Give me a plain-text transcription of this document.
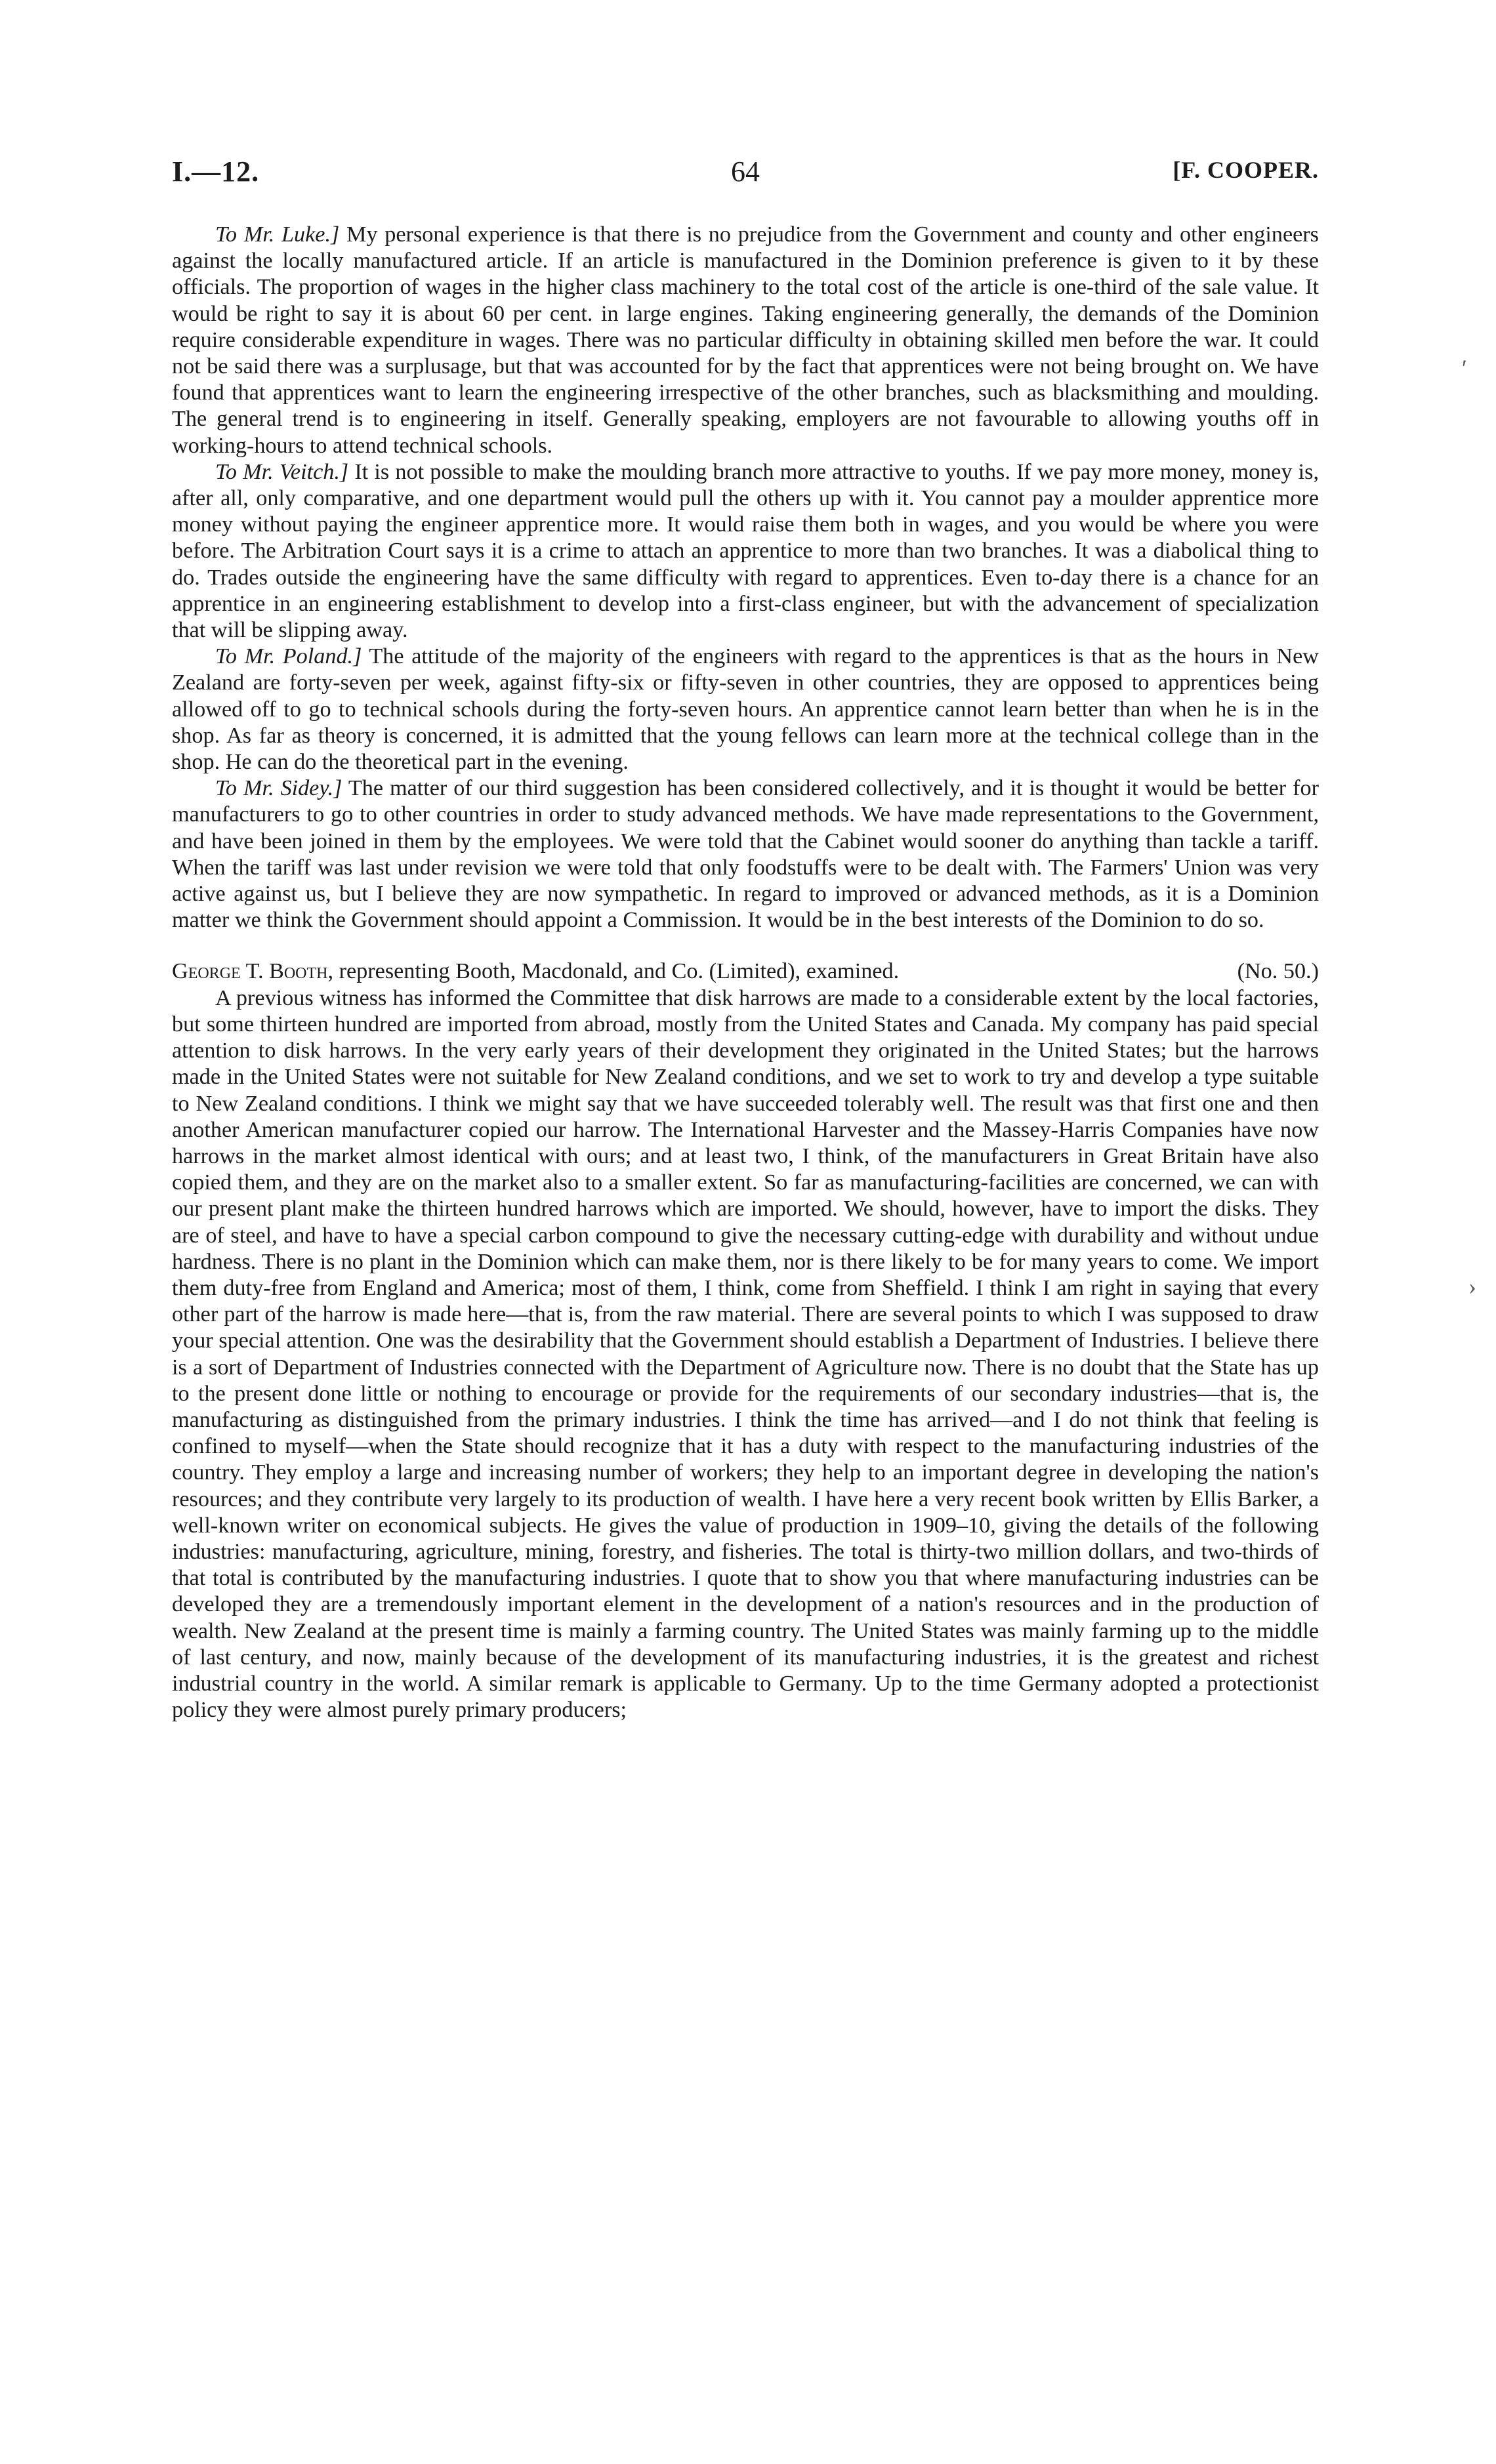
I.—12.	64	[F. COOPER.

To Mr. Luke.] My personal experience is that there is no prejudice from the Government and county and other engineers against the locally manufactured article. If an article is manufactured in the Dominion preference is given to it by these officials. The proportion of wages in the higher class machinery to the total cost of the article is one-third of the sale value. It would be right to say it is about 60 per cent. in large engines. Taking engineering generally, the demands of the Dominion require considerable expenditure in wages. There was no particular difficulty in obtaining skilled men before the war. It could not be said there was a surplusage, but that was accounted for by the fact that apprentices were not being brought on. We have found that apprentices want to learn the engineering irrespective of the other branches, such as blacksmithing and moulding. The general trend is to engineering in itself. Generally speaking, employers are not favourable to allowing youths off in working-hours to attend technical schools.

To Mr. Veitch.] It is not possible to make the moulding branch more attractive to youths. If we pay more money, money is, after all, only comparative, and one department would pull the others up with it. You cannot pay a moulder apprentice more money without paying the engineer apprentice more. It would raise them both in wages, and you would be where you were before. The Arbitration Court says it is a crime to attach an apprentice to more than two branches. It was a diabolical thing to do. Trades outside the engineering have the same difficulty with regard to apprentices. Even to-day there is a chance for an apprentice in an engineering establishment to develop into a first-class engineer, but with the advancement of specialization that will be slipping away.

To Mr. Poland.] The attitude of the majority of the engineers with regard to the apprentices is that as the hours in New Zealand are forty-seven per week, against fifty-six or fifty-seven in other countries, they are opposed to apprentices being allowed off to go to technical schools during the forty-seven hours. An apprentice cannot learn better than when he is in the shop. As far as theory is concerned, it is admitted that the young fellows can learn more at the technical college than in the shop. He can do the theoretical part in the evening.

To Mr. Sidey.] The matter of our third suggestion has been considered collectively, and it is thought it would be better for manufacturers to go to other countries in order to study advanced methods. We have made representations to the Government, and have been joined in them by the employees. We were told that the Cabinet would sooner do anything than tackle a tariff. When the tariff was last under revision we were told that only foodstuffs were to be dealt with. The Farmers' Union was very active against us, but I believe they are now sympathetic. In regard to improved or advanced methods, as it is a Dominion matter we think the Government should appoint a Commission. It would be in the best interests of the Dominion to do so.

George T. Booth, representing Booth, Macdonald, and Co. (Limited), examined.	(No. 50.)

A previous witness has informed the Committee that disk harrows are made to a considerable extent by the local factories, but some thirteen hundred are imported from abroad, mostly from the United States and Canada. My company has paid special attention to disk harrows. In the very early years of their development they originated in the United States; but the harrows made in the United States were not suitable for New Zealand conditions, and we set to work to try and develop a type suitable to New Zealand conditions. I think we might say that we have succeeded tolerably well. The result was that first one and then another American manufacturer copied our harrow. The International Harvester and the Massey-Harris Companies have now harrows in the market almost identical with ours; and at least two, I think, of the manufacturers in Great Britain have also copied them, and they are on the market also to a smaller extent. So far as manufacturing-facilities are concerned, we can with our present plant make the thirteen hundred harrows which are imported. We should, however, have to import the disks. They are of steel, and have to have a special carbon compound to give the necessary cutting-edge with durability and without undue hardness. There is no plant in the Dominion which can make them, nor is there likely to be for many years to come. We import them duty-free from England and America; most of them, I think, come from Sheffield. I think I am right in saying that every other part of the harrow is made here—that is, from the raw material. There are several points to which I was supposed to draw your special attention. One was the desirability that the Government should establish a Department of Industries. I believe there is a sort of Department of Industries connected with the Department of Agriculture now. There is no doubt that the State has up to the present done little or nothing to encourage or provide for the requirements of our secondary industries—that is, the manufacturing as distinguished from the primary industries. I think the time has arrived—and I do not think that feeling is confined to myself—when the State should recognize that it has a duty with respect to the manufacturing industries of the country. They employ a large and increasing number of workers; they help to an important degree in developing the nation's resources; and they contribute very largely to its production of wealth. I have here a very recent book written by Ellis Barker, a well-known writer on economical subjects. He gives the value of production in 1909–10, giving the details of the following industries: manufacturing, agriculture, mining, forestry, and fisheries. The total is thirty-two million dollars, and two-thirds of that total is contributed by the manufacturing industries. I quote that to show you that where manufacturing industries can be developed they are a tremendously important element in the development of a nation's resources and in the production of wealth. New Zealand at the present time is mainly a farming country. The United States was mainly farming up to the middle of last century, and now, mainly because of the development of its manufacturing industries, it is the greatest and richest industrial country in the world. A similar remark is applicable to Germany. Up to the time Germany adopted a protectionist policy they were almost purely primary producers;

ʹ
›
